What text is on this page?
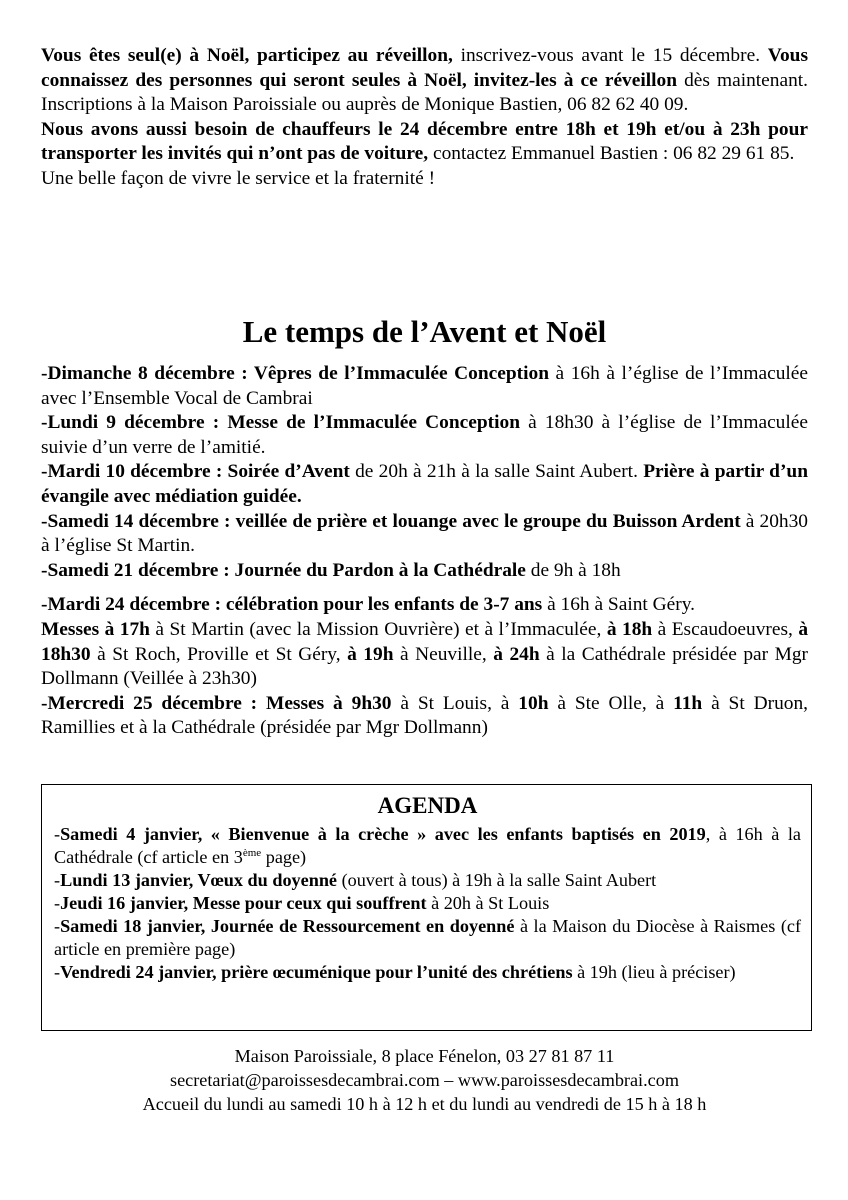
Vous êtes seul(e) à Noël, participez au réveillon, inscrivez-vous avant le 15 décembre. Vous connaissez des personnes qui seront seules à Noël, invitez-les à ce réveillon dès maintenant. Inscriptions à la Maison Paroissiale ou auprès de Monique Bastien, 06 82 62 40 09.

Nous avons aussi besoin de chauffeurs le 24 décembre entre 18h et 19h et/ou à 23h pour transporter les invités qui n’ont pas de voiture, contactez Emmanuel Bastien : 06 82 29 61 85.

Une belle façon de vivre le service et la fraternité !

Le temps de l’Avent et Noël

-Dimanche 8 décembre : Vêpres de l’Immaculée Conception à 16h à l’église de l’Immaculée avec l’Ensemble Vocal de Cambrai

-Lundi 9 décembre : Messe de l’Immaculée Conception à 18h30 à l’église de l’Immaculée suivie d’un verre de l’amitié.

-Mardi 10 décembre : Soirée d’Avent de 20h à 21h à la salle Saint Aubert. Prière à partir d’un évangile avec médiation guidée.

-Samedi 14 décembre : veillée de prière et louange avec le groupe du Buisson Ardent à 20h30 à l’église St Martin.

-Samedi 21 décembre : Journée du Pardon à la Cathédrale de 9h à 18h

-Mardi 24 décembre : célébration pour les enfants de 3-7 ans à 16h à Saint Géry.

Messes à 17h à St Martin (avec la Mission Ouvrière) et à l’Immaculée, à 18h à Escaudoeuvres, à 18h30 à St Roch, Proville et St Géry, à 19h à Neuville, à 24h à la Cathédrale présidée par Mgr Dollmann (Veillée à 23h30)

-Mercredi 25 décembre : Messes à 9h30 à St Louis, à 10h à Ste Olle, à 11h à St Druon, Ramillies et à la Cathédrale (présidée par Mgr Dollmann)

AGENDA

-Samedi 4 janvier, « Bienvenue à la crèche » avec les enfants baptisés en 2019, à 16h à la Cathédrale (cf article en 3ème page)

-Lundi 13 janvier, Vœux du doyenné (ouvert à tous) à 19h à la salle Saint Aubert

-Jeudi 16 janvier, Messe pour ceux qui souffrent à 20h à St Louis

-Samedi 18 janvier, Journée de Ressourcement en doyenné à la Maison du Diocèse à Raismes (cf article en première page)

-Vendredi 24 janvier, prière œcuménique pour l’unité des chrétiens à 19h (lieu à préciser)

Maison Paroissiale, 8 place Fénelon, 03 27 81 87 11
secretariat@paroissesdecambrai.com – www.paroissesdecambrai.com
Accueil du lundi au samedi 10 h à 12 h et du lundi au vendredi de 15 h à 18 h
